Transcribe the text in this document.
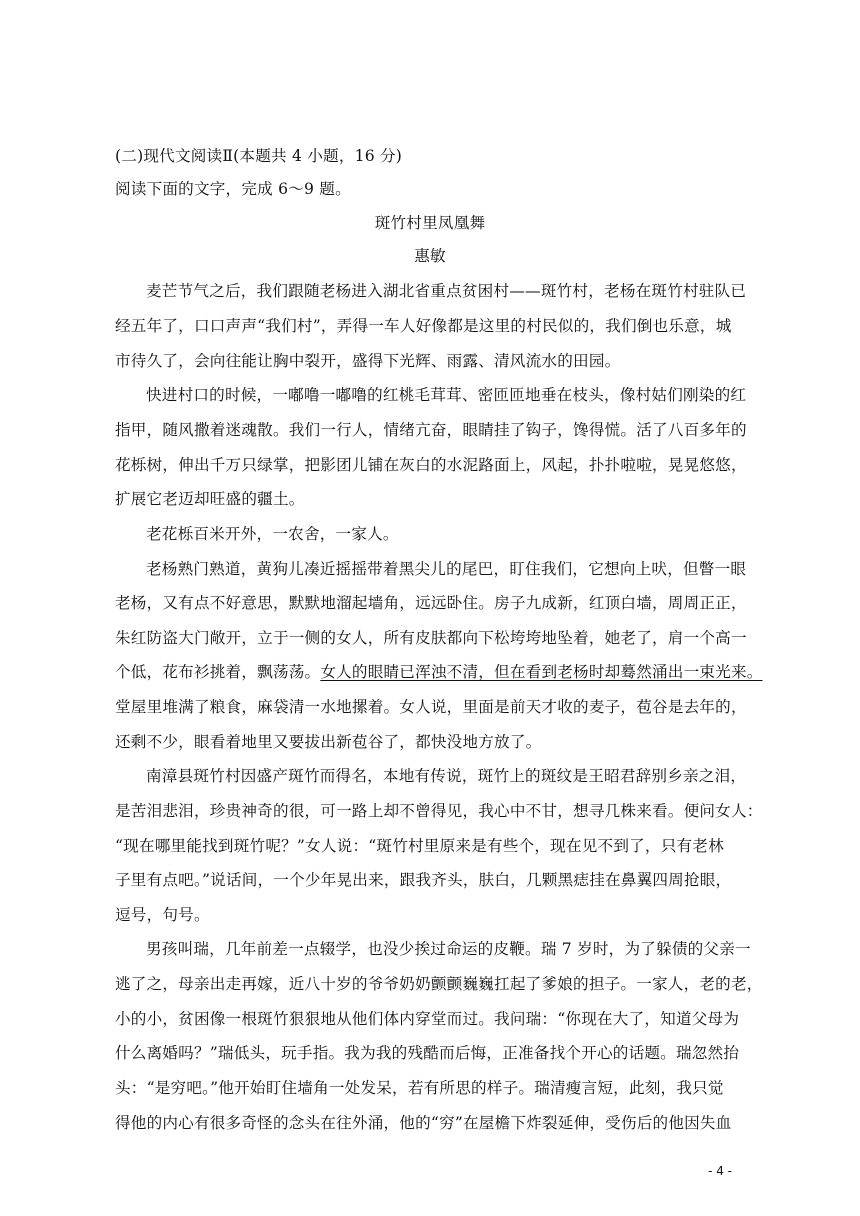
(二)现代文阅读Ⅱ(本题共 4 小题，16 分)
阅读下面的文字，完成 6～9 题。
斑竹村里凤凰舞
惠敏
麦芒节气之后，我们跟随老杨进入湖北省重点贫困村——斑竹村，老杨在斑竹村驻队已
经五年了，口口声声“我们村”，弄得一车人好像都是这里的村民似的，我们倒也乐意，城
市待久了，会向往能让胸中裂开，盛得下光辉、雨露、清风流水的田园。
快进村口的时候，一嘟噜一嘟噜的红桃毛茸茸、密匝匝地垂在枝头，像村姑们刚染的红
指甲，随风撒着迷魂散。我们一行人，情绪亢奋，眼睛挂了钩子，馋得慌。活了八百多年的
花栎树，伸出千万只绿掌，把影团儿铺在灰白的水泥路面上，风起，扑扑啦啦，晃晃悠悠，
扩展它老迈却旺盛的疆土。
老花栎百米开外，一农舍，一家人。
老杨熟门熟道，黄狗儿凑近摇摇带着黑尖儿的尾巴，盯住我们，它想向上吠，但瞥一眼
老杨，又有点不好意思，默默地溜起墙角，远远卧住。房子九成新，红顶白墙，周周正正，
朱红防盗大门敞开，立于一侧的女人，所有皮肤都向下松垮垮地坠着，她老了，肩一个高一
个低，花布衫挑着，飘荡荡。女人的眼睛已浑浊不清，但在看到老杨时却蓦然涌出一束光来。
堂屋里堆满了粮食，麻袋清一水地摞着。女人说，里面是前天才收的麦子，苞谷是去年的，
还剩不少，眼看着地里又要拔出新苞谷了，都快没地方放了。
南漳县斑竹村因盛产斑竹而得名，本地有传说，斑竹上的斑纹是王昭君辞别乡亲之泪，
是苦泪悲泪，珍贵神奇的很，可一路上却不曾得见，我心中不甘，想寻几株来看。便问女人：
“现在哪里能找到斑竹呢？”女人说：“斑竹村里原来是有些个，现在见不到了，只有老林
子里有点吧。”说话间，一个少年晃出来，跟我齐头，肤白，几颗黑痣挂在鼻翼四周抢眼，
逗号，句号。
男孩叫瑞，几年前差一点辍学，也没少挨过命运的皮鞭。瑞 7 岁时，为了躲债的父亲一
逃了之，母亲出走再嫁，近八十岁的爷爷奶奶颤颤巍巍扛起了爹娘的担子。一家人，老的老，
小的小，贫困像一根斑竹狠狠地从他们体内穿堂而过。我问瑞：“你现在大了，知道父母为
什么离婚吗？”瑞低头，玩手指。我为我的残酷而后悔，正准备找个开心的话题。瑞忽然抬
头：“是穷吧。”他开始盯住墙角一处发呆，若有所思的样子。瑞清瘦言短，此刻，我只觉
得他的内心有很多奇怪的念头在往外涌，他的“穷”在屋檐下炸裂延伸，受伤后的他因失血
- 4 -
